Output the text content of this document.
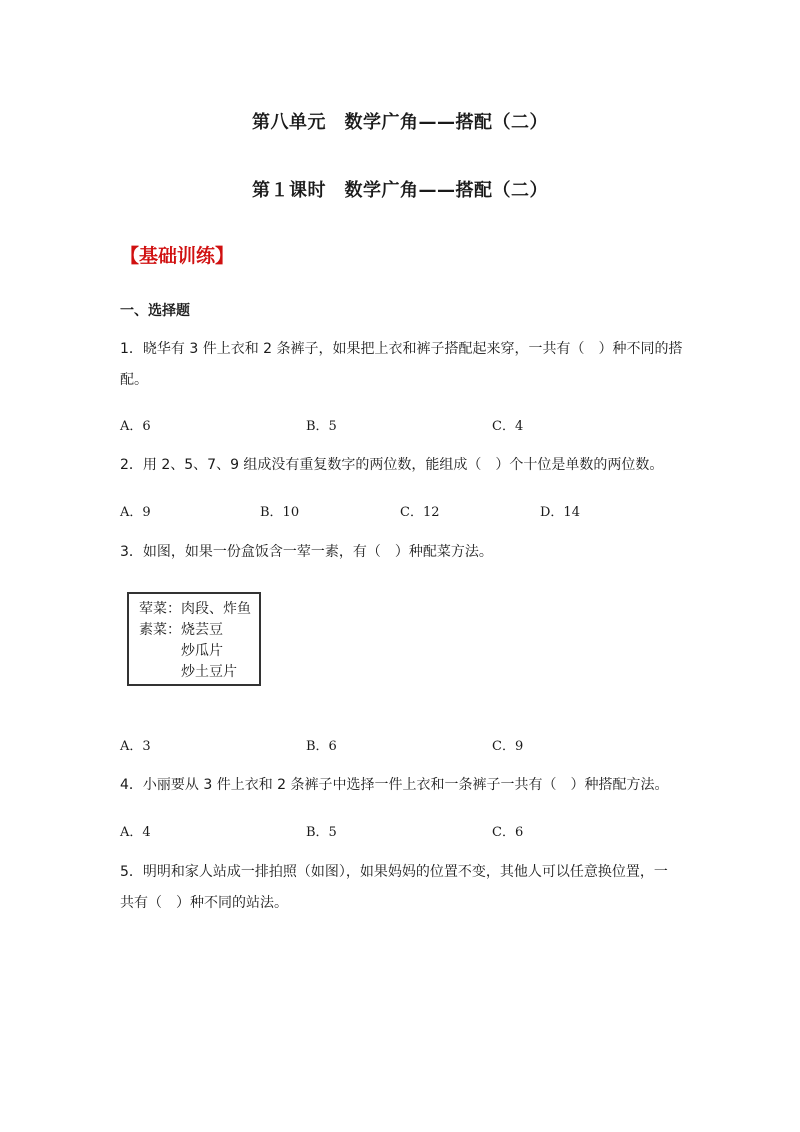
第八单元　数学广角——搭配（二）
第１课时　数学广角——搭配（二）
【基础训练】
一、选择题
1．晓华有 3 件上衣和 2 条裤子，如果把上衣和裤子搭配起来穿，一共有（　）种不同的搭
配。
A．6	B．5	C．4
2．用 2、5、7、9 组成没有重复数字的两位数，能组成（　）个十位是单数的两位数。
A．9	B．10	C．12	D．14
3．如图，如果一份盒饭含一荤一素，有（　）种配菜方法。
荤菜：肉段、炸鱼
素菜：烧芸豆
炒瓜片
炒土豆片
A．3	B．6	C．9
4．小丽要从 3 件上衣和 2 条裤子中选择一件上衣和一条裤子一共有（　）种搭配方法。
A．4	B．5	C．6
5．明明和家人站成一排拍照（如图），如果妈妈的位置不变，其他人可以任意换位置，一
共有（　）种不同的站法。
